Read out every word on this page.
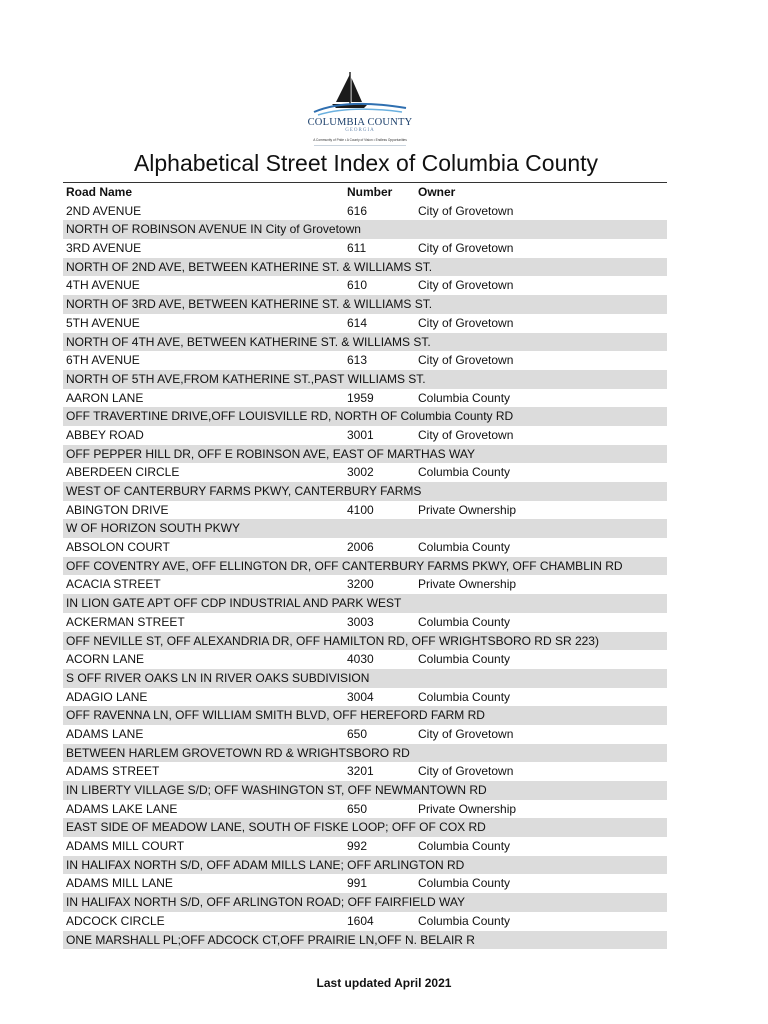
COLUMBIA COUNTY
GEORGIA
A Community of Pride • A County of Vision • Endless Opportunities
Alphabetical Street Index of Columbia County
Road Name	Number Owner
2ND AVENUE	616	City of Grovetown
NORTH OF ROBINSON AVENUE IN City of Grovetown
3RD AVENUE	611	City of Grovetown
NORTH OF 2ND AVE, BETWEEN KATHERINE ST. & WILLIAMS ST.
4TH AVENUE	610	City of Grovetown
NORTH OF 3RD AVE, BETWEEN KATHERINE ST. & WILLIAMS ST.
5TH AVENUE	614	City of Grovetown
NORTH OF 4TH AVE, BETWEEN KATHERINE ST. & WILLIAMS ST.
6TH AVENUE	613	City of Grovetown
NORTH OF 5TH AVE,FROM KATHERINE ST.,PAST WILLIAMS ST.
AARON LANE	1959	Columbia County
OFF TRAVERTINE DRIVE,OFF LOUISVILLE RD, NORTH OF Columbia County RD
ABBEY ROAD	3001	City of Grovetown
OFF PEPPER HILL DR, OFF E ROBINSON AVE, EAST OF MARTHAS WAY
ABERDEEN CIRCLE	3002	Columbia County
WEST OF CANTERBURY FARMS PKWY, CANTERBURY FARMS
ABINGTON DRIVE	4100	Private Ownership
W OF HORIZON SOUTH PKWY
ABSOLON COURT	2006	Columbia County
OFF COVENTRY AVE, OFF ELLINGTON DR, OFF CANTERBURY FARMS PKWY, OFF CHAMBLIN RD
ACACIA STREET	3200	Private Ownership
IN LION GATE APT OFF CDP INDUSTRIAL AND PARK WEST
ACKERMAN STREET	3003	Columbia County
OFF NEVILLE ST, OFF ALEXANDRIA DR, OFF HAMILTON RD, OFF WRIGHTSBORO RD SR 223)
ACORN LANE	4030	Columbia County
S OFF RIVER OAKS LN IN RIVER OAKS SUBDIVISION
ADAGIO LANE	3004	Columbia County
OFF RAVENNA LN, OFF WILLIAM SMITH BLVD, OFF HEREFORD FARM RD
ADAMS LANE	650	City of Grovetown
BETWEEN HARLEM GROVETOWN RD & WRIGHTSBORO RD
ADAMS STREET	3201	City of Grovetown
IN LIBERTY VILLAGE S/D; OFF WASHINGTON ST, OFF NEWMANTOWN RD
ADAMS LAKE LANE	650	Private Ownership
EAST SIDE OF MEADOW LANE, SOUTH OF FISKE LOOP; OFF OF COX RD
ADAMS MILL COURT	992	Columbia County
IN HALIFAX NORTH S/D, OFF ADAM MILLS LANE; OFF ARLINGTON RD
ADAMS MILL LANE	991	Columbia County
IN HALIFAX NORTH S/D, OFF ARLINGTON ROAD; OFF FAIRFIELD WAY
ADCOCK CIRCLE	1604	Columbia County
ONE MARSHALL PL;OFF ADCOCK CT,OFF PRAIRIE LN,OFF N. BELAIR R
Last updated April 2021
